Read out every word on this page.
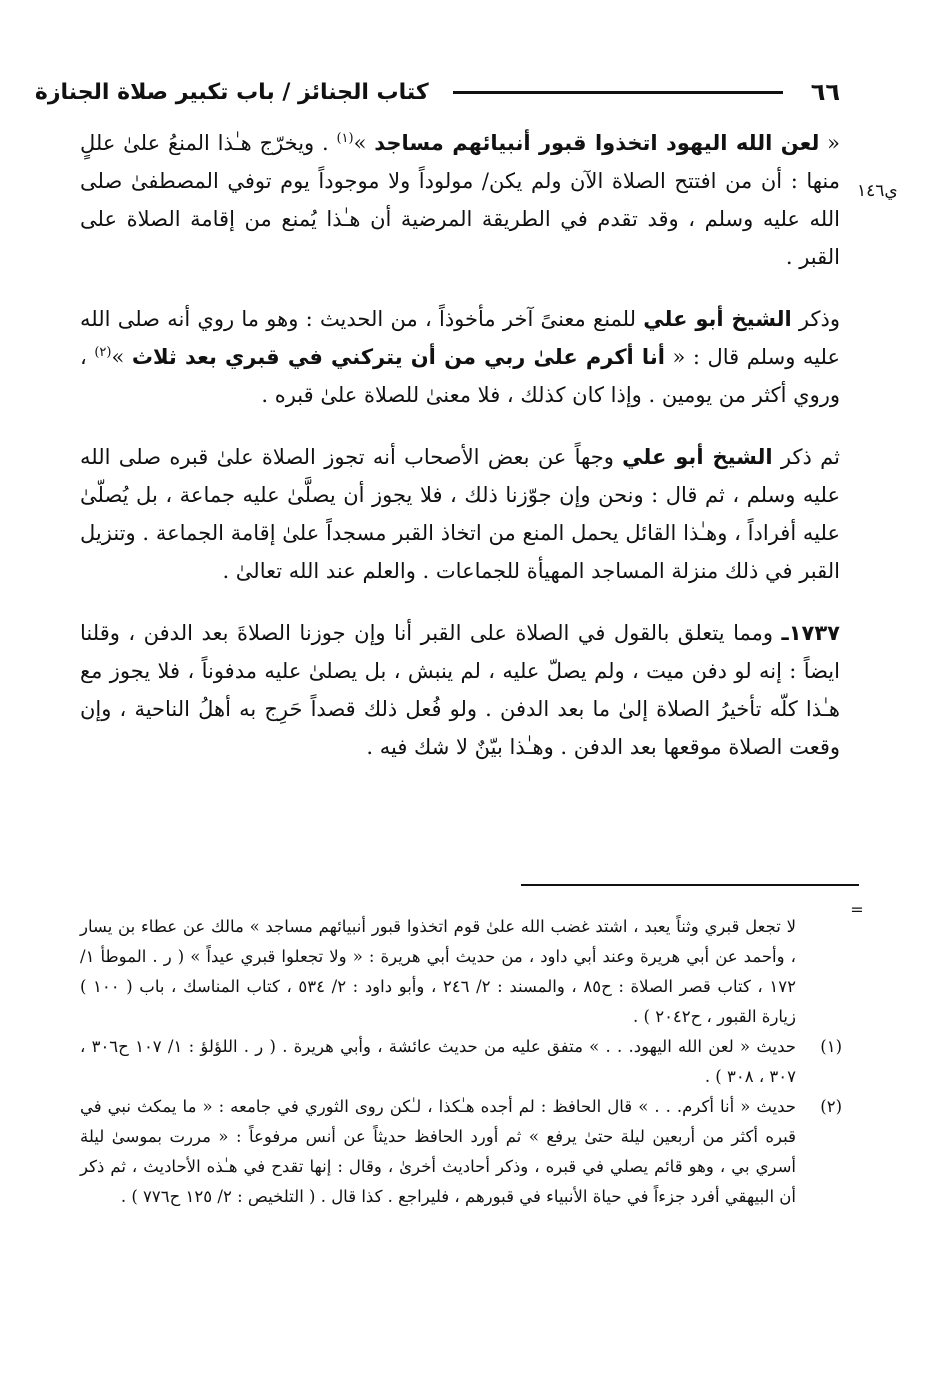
٦٦
كتاب الجنائز / باب تكبير صلاة الجنازة
ي١٤٦

« لعن الله اليهود اتخذوا قبور أنبيائهم مساجد »$^{(١)}$ . ويخرّج هـٰذا المنعُ علىٰ عللٍ منها : أن من افتتح الصلاة الآن ولم يكن/ مولوداً ولا موجوداً يوم توفي المصطفىٰ صلى الله عليه وسلم ، وقد تقدم في الطريقة المرضية أن هـٰذا يُمنع من إقامة الصلاة على القبر .

وذكر الشيخ أبو علي للمنع معنىً آخر مأخوذاً ، من الحديث : وهو ما روي أنه صلى الله عليه وسلم قال : « أنا أكرم علىٰ ربي من أن يتركني في قبري بعد ثلاث »$^{(٢)}$ ، وروي أكثر من يومين . وإذا كان كذلك ، فلا معنىٰ للصلاة علىٰ قبره .

ثم ذكر الشيخ أبو علي وجهاً عن بعض الأصحاب أنه تجوز الصلاة علىٰ قبره صلى الله عليه وسلم ، ثم قال : ونحن وإن جوّزنا ذلك ، فلا يجوز أن يصلَّىٰ عليه جماعة ، بل يُصلّىٰ عليه أفراداً ، وهـٰذا القائل يحمل المنع من اتخاذ القبر مسجداً علىٰ إقامة الجماعة . وتنزيل القبر في ذلك منزلة المساجد المهيأة للجماعات . والعلم عند الله تعالىٰ .

١٧٣٧ـ ومما يتعلق بالقول في الصلاة على القبر أنا وإن جوزنا الصلاةَ بعد الدفن ، وقلنا ايضاً : إنه لو دفن ميت ، ولم يصلّ عليه ، لم ينبش ، بل يصلىٰ عليه مدفوناً ، فلا يجوز مع هـٰذا كلّه تأخيرُ الصلاة إلىٰ ما بعد الدفن . ولو فُعل ذلك قصداً حَرِج به أهلُ الناحية ، وإن وقعت الصلاة موقعها بعد الدفن . وهـٰذا بيّنٌ لا شك فيه .

=

لا تجعل قبري وثناً يعبد ، اشتد غضب الله علىٰ قوم اتخذوا قبور أنبيائهم مساجد » مالك عن عطاء بن يسار ، وأحمد عن أبي هريرة وعند أبي داود ، من حديث أبي هريرة : « ولا تجعلوا قبري عيداً » ( ر . الموطأ ١/ ١٧٢ ، كتاب قصر الصلاة : ح٨٥ ، والمسند : ٢/ ٢٤٦ ، وأبو داود : ٢/ ٥٣٤ ، كتاب المناسك ، باب ( ١٠٠ ) زيارة القبور ، ح٢٠٤٢ ) .

(١)
حديث « لعن الله اليهود. . . » متفق عليه من حديث عائشة ، وأبي هريرة . ( ر . اللؤلؤ : ١/ ١٠٧ ح٣٠٦ ، ٣٠٧ ، ٣٠٨ ) .
(٢)
حديث « أنا أكرم. . . » قال الحافظ : لم أجده هـٰكذا ، لـٰكن روى الثوري في جامعه : « ما يمكث نبي في قبره أكثر من أربعين ليلة حتىٰ يرفع » ثم أورد الحافظ حديثاً عن أنس مرفوعاً : « مررت بموسىٰ ليلة أسري بي ، وهو قائم يصلي في قبره ، وذكر أحاديث أخرىٰ ، وقال : إنها تقدح في هـٰذه الأحاديث ، ثم ذكر أن البيهقي أفرد جزءاً في حياة الأنبياء في قبورهم ، فليراجع . كذا قال . ( التلخيص : ٢/ ١٢٥ ح٧٧٦ ) .
